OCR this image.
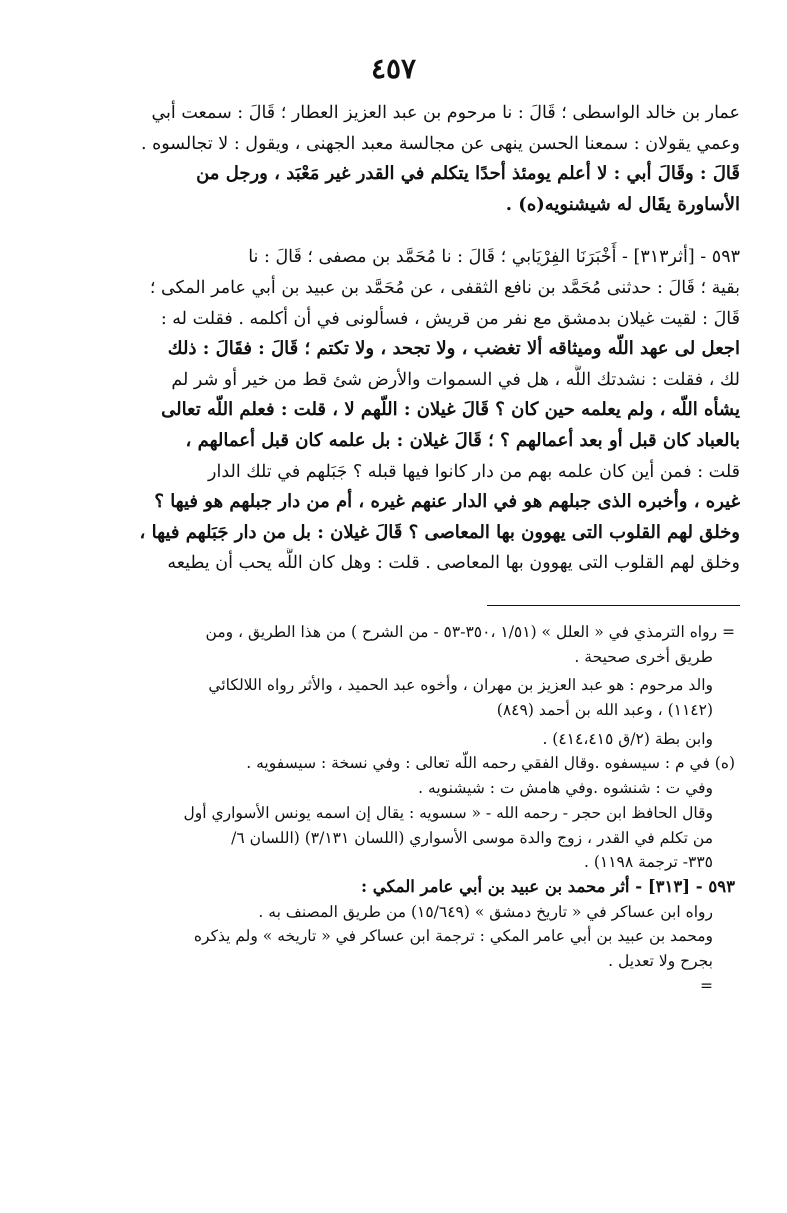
٤٥٧
عمار بن خالد الواسطى ؛ قَالَ : نا مرحوم بن عبد العزيز العطار ؛ قَالَ : سمعت أبي
وعمي يقولان : سمعنا الحسن ينهى عن مجالسة معبد الجهنى ، ويقول : لا تجالسوه .
قَالَ : وقَالَ أبي : لا أعلم يومئذ أحدًا يتكلم في القدر غير مَعْبَد ، ورجل من
الأساورة يقَال له شيشنويه(ه) .
٥٩٣ - [أثر٣١٣] - أَخْبَرَنَا الفِرْيَابي ؛ قَالَ : نا مُحَمَّد بن مصفى ؛ قَالَ : نا
بقية ؛ قَالَ : حدثنى مُحَمَّد بن نافع الثقفى ، عن مُحَمَّد بن عبيد بن أبي عامر المكى ؛
قَالَ : لقيت غيلان بدمشق مع نفر من قريش ، فسألونى في أن أكلمه . فقلت له :
اجعل لى عهد اللَّه وميثاقه ألا تغضب ، ولا تجحد ، ولا تكتم ؛ قَالَ : فقَالَ : ذلك
لك ، فقلت : نشدتك اللَّه ، هل في السموات والأرض شئ قط من خير أو شر لم
يشأه اللَّه ، ولم يعلمه حين كان ؟ قَالَ غيلان : اللّهم لا ، قلت : فعلم اللَّه تعالى
بالعباد كان قبل أو بعد أعمالهم ؟ ؛ قَالَ غيلان : بل علمه كان قبل أعمالهم ،
قلت : فمن أين كان علمه بهم من دار كانوا فيها قبله ؟ جَبَلهم في تلك الدار
غيره ، وأخبره الذى جبلهم هو في الدار عنهم غيره ، أم من دار جبلهم هو فيها ؟
وخلق لهم القلوب التى يهوون بها المعاصى ؟ قَالَ غيلان : بل من دار جَبَلهم فيها ،
وخلق لهم القلوب التى يهوون بها المعاصى . قلت : وهل كان اللَّه يحب أن يطيعه
= رواه الترمذي في « العلل » (١/٥١ ،٣٥٠-٥٣ - من الشرح ) من هذا الطريق ، ومن
طريق أخرى صحيحة .
والد مرحوم : هو عبد العزيز بن مهران ، وأخوه عبد الحميد ، والأثر رواه اللالكائي
(١١٤٢) ، وعبد الله بن أحمد (٨٤٩)
وابن بطة (٢/ق ٤١٤،٤١٥) .
(ه) في م : سيسفوه .وقال الفقي رحمه اللَّه تعالى : وفي نسخة : سيسفويه .
وفي ت : شنشوه .وفي هامش ت : شيشنويه .
وقال الحافظ ابن حجر - رحمه الله - « سسويه : يقال إن اسمه يونس الأسواري أول
من تكلم في القدر ، زوج والدة موسى الأسواري (اللسان ٣/١٣١) (اللسان ٦/
٣٣٥- ترجمة ١١٩٨) .
٥٩٣ - [٣١٣] - أثر محمد بن عبيد بن أبي عامر المكي :
رواه ابن عساكر في « تاريخ دمشق » (١٥/٦٤٩) من طريق المصنف به .
ومحمد بن عبيد بن أبي عامر المكي : ترجمة ابن عساكر في « تاريخه » ولم يذكره
بجرح ولا تعديل .
=
